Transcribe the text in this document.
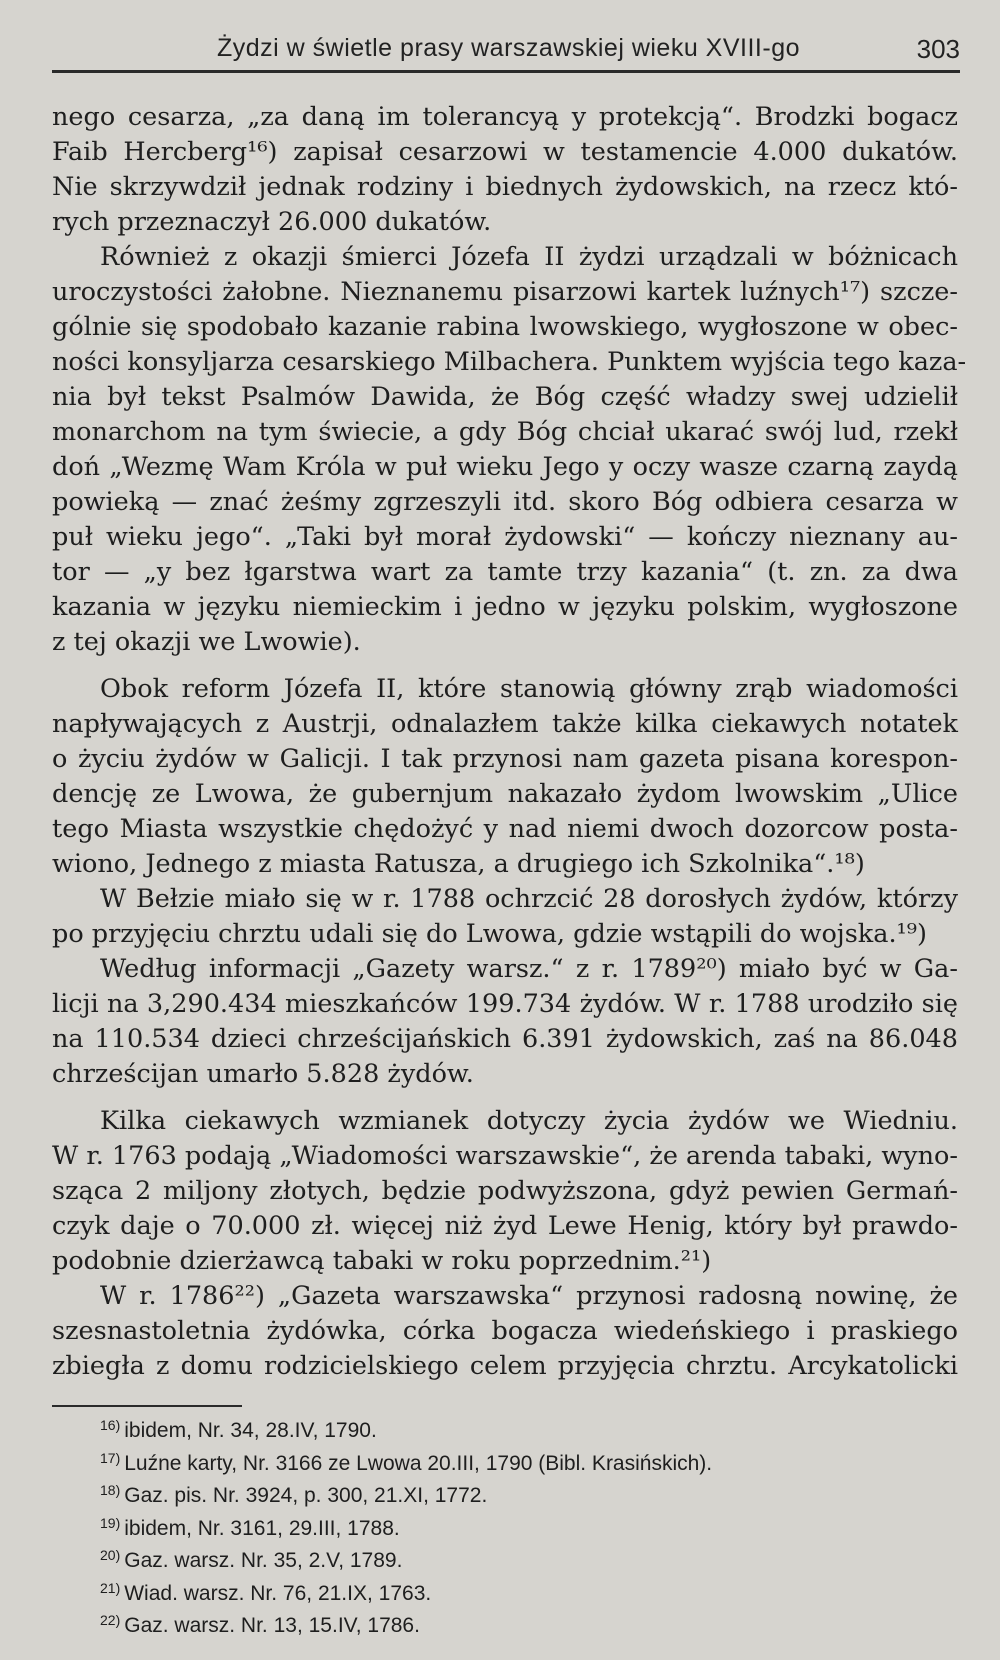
Żydzi w świetle prasy warszawskiej wieku XVIII-go	303
nego cesarza, „za daną im tolerancyą y protekcją“. Brodzki bogacz
Faib Hercberg¹⁶) zapisał cesarzowi w testamencie 4.000 dukatów.
Nie skrzywdził jednak rodziny i biednych żydowskich, na rzecz któ-
rych przeznaczył 26.000 dukatów.
Również z okazji śmierci Józefa II żydzi urządzali w bóżnicach
uroczystości żałobne. Nieznanemu pisarzowi kartek luźnych¹⁷) szcze-
gólnie się spodobało kazanie rabina lwowskiego, wygłoszone w obec-
ności konsyljarza cesarskiego Milbachera. Punktem wyjścia tego kaza-
nia był tekst Psalmów Dawida, że Bóg część władzy swej udzielił
monarchom na tym świecie, a gdy Bóg chciał ukarać swój lud, rzekł
doń „Wezmę Wam Króla w puł wieku Jego y oczy wasze czarną zaydą
powieką — znać żeśmy zgrzeszyli itd. skoro Bóg odbiera cesarza w
puł wieku jego“. „Taki był morał żydowski“ — kończy nieznany au-
tor — „y bez łgarstwa wart za tamte trzy kazania“ (t. zn. za dwa
kazania w języku niemieckim i jedno w języku polskim, wygłoszone
z tej okazji we Lwowie).
Obok reform Józefa II, które stanowią główny zrąb wiadomości
napływających z Austrji, odnalazłem także kilka ciekawych notatek
o życiu żydów w Galicji. I tak przynosi nam gazeta pisana korespon-
dencję ze Lwowa, że gubernjum nakazało żydom lwowskim „Ulice
tego Miasta wszystkie chędożyć y nad niemi dwoch dozorcow posta-
wiono, Jednego z miasta Ratusza, a drugiego ich Szkolnika“.¹⁸)
W Bełzie miało się w r. 1788 ochrzcić 28 dorosłych żydów, którzy
po przyjęciu chrztu udali się do Lwowa, gdzie wstąpili do wojska.¹⁹)
Według informacji „Gazety warsz.“ z r. 1789²⁰) miało być w Ga-
licji na 3,290.434 mieszkańców 199.734 żydów. W r. 1788 urodziło się
na 110.534 dzieci chrześcijańskich 6.391 żydowskich, zaś na 86.048
chrześcijan umarło 5.828 żydów.
Kilka ciekawych wzmianek dotyczy życia żydów we Wiedniu.
W r. 1763 podają „Wiadomości warszawskie“, że arenda tabaki, wyno-
sząca 2 miljony złotych, będzie podwyższona, gdyż pewien Germań-
czyk daje o 70.000 zł. więcej niż żyd Lewe Henig, który był prawdo-
podobnie dzierżawcą tabaki w roku poprzednim.²¹)
W r. 1786²²) „Gazeta warszawska“ przynosi radosną nowinę, że
szesnastoletnia żydówka, córka bogacza wiedeńskiego i praskiego
zbiegła z domu rodzicielskiego celem przyjęcia chrztu. Arcykatolicki
$^{16)}$ ibidem, Nr. 34, 28.IV, 1790.
$^{17)}$ Luźne karty, Nr. 3166 ze Lwowa 20.III, 1790 (Bibl. Krasińskich).
$^{18)}$ Gaz. pis. Nr. 3924, p. 300, 21.XI, 1772.
$^{19)}$ ibidem, Nr. 3161, 29.III, 1788.
$^{20)}$ Gaz. warsz. Nr. 35, 2.V, 1789.
$^{21)}$ Wiad. warsz. Nr. 76, 21.IX, 1763.
$^{22)}$ Gaz. warsz. Nr. 13, 15.IV, 1786.
